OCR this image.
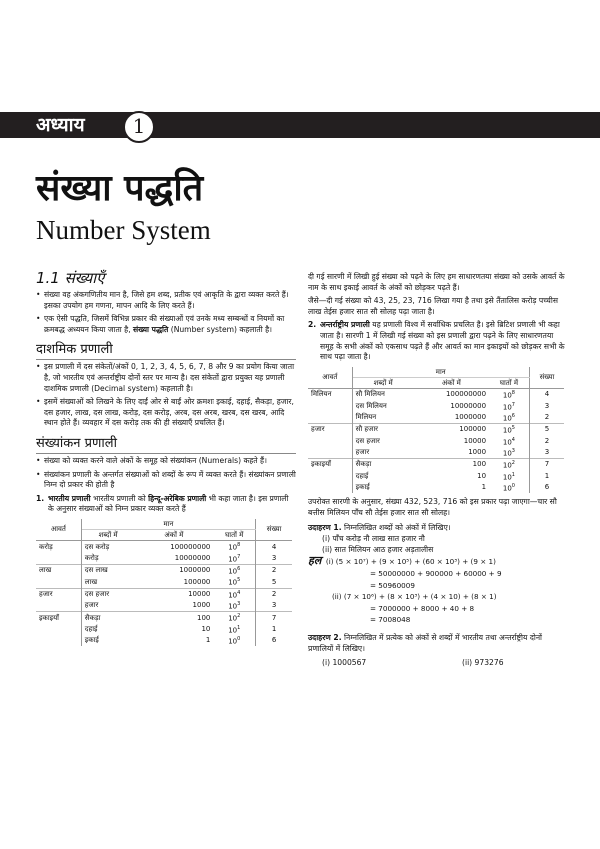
अध्याय	1
संख्या पद्धति
Number System
1.1 संख्याएँ
• संख्या वह अंकगणितीय मान है, जिसे हम शब्द, प्रतीक एवं आकृति के द्वारा व्यक्त करते हैं। इसका उपयोग हम गणना, मापन आदि के लिए करते हैं।
• एक ऐसी पद्धति, जिसमें विभिन्न प्रकार की संख्याओं एवं उनके मध्य सम्बन्धों व नियमों का क्रमबद्ध अध्ययन किया जाता है, संख्या पद्धति (Number system) कहलाती है।
दाशमिक प्रणाली
• इस प्रणाली में दस संकेतों/अंकों 0, 1, 2, 3, 4, 5, 6, 7, 8 और 9 का प्रयोग किया जाता है, जो भारतीय एवं अन्तर्राष्ट्रीय दोनों स्तर पर मान्य है। दस संकेतों द्वारा प्रयुक्त यह प्रणाली दाशमिक प्रणाली (Decimal system) कहलाती है।
• इसमें संख्याओं को लिखने के लिए दाईं ओर से बाईं ओर क्रमशः इकाई, दहाई, सैकड़ा, हजार, दस हजार, लाख, दस लाख, करोड़, दस करोड़, अरब, दस अरब, खरब, दस खरब, आदि स्थान होते हैं। व्यवहार में दस करोड़ तक की ही संख्याएँ प्रचलित हैं।
संख्यांकन प्रणाली
• संख्या को व्यक्त करने वाले अंकों के समूह को संख्यांकन (Numerals) कहते हैं।
• संख्यांकन प्रणाली के अन्तर्गत संख्याओं को शब्दों के रूप में व्यक्त करते हैं। संख्यांकन प्रणाली निम्न दो प्रकार की होती है

1. भारतीय प्रणाली भारतीय प्रणाली को हिन्दू-अरेबिक प्रणाली भी कहा जाता है। इस प्रणाली के अनुसार संख्याओं को निम्न प्रकार व्यक्त करते हैं

आवर्त	मान			संख्या
	शब्दों में	अंकों में	घातों में	
करोड़	दस करोड़	100000000	$10^8$	4
	करोड़	10000000	$10^7$	3
लाख	दस लाख	1000000	$10^6$	2
	लाख	100000	$10^5$	5
हजार	दस हजार	10000	$10^4$	2
	हजार	1000	$10^3$	3
इकाइयाँ	सैकड़ा	100	$10^2$	7
	दहाई	10	$10^1$	1
	इकाई	1	$10^0$	6

दी गई सारणी में लिखी हुई संख्या को पढ़ने के लिए हम साधारणतया संख्या को उसके आवर्त के नाम के साथ इकाई आवर्त के अंकों को छोड़कर पढ़ते हैं।

जैसे—दी गई संख्या को 43, 25, 23, 716 लिखा गया है तथा इसे तैंतालिस करोड़ पच्चीस लाख तेईस हजार सात सौ सोलह पढ़ा जाता है।

2. अन्तर्राष्ट्रीय प्रणाली यह प्रणाली विश्व में सर्वाधिक प्रचलित है। इसे ब्रिटिश प्रणाली भी कहा जाता है। सारणी 1 में लिखी गई संख्या को इस प्रणाली द्वारा पढ़ने के लिए साधारणतया समूह के सभी अंकों को एकसाथ पढ़ते हैं और आवर्त का मान इकाइयों को छोड़कर सभी के साथ पढ़ा जाता है।

आवर्त	मान			संख्या
	शब्दों में	अंकों में	घातों में	
मिलियन	सौ मिलियन	100000000	$10^8$	4
	दस मिलियन	10000000	$10^7$	3
	मिलियन	1000000	$10^6$	2
हजार	सौ हजार	100000	$10^5$	5
	दस हजार	10000	$10^4$	2
	हजार	1000	$10^3$	3
इकाइयाँ	सैकड़ा	100	$10^2$	7
	दहाई	10	$10^1$	1
	इकाई	1	$10^0$	6

उपरोक्त सारणी के अनुसार, संख्या 432, 523, 716 को इस प्रकार पढ़ा जाएगा—चार सौ बत्तीस मिलियन पाँच सौ तेईस हजार सात सौ सोलह।

उदाहरण 1. निम्नलिखित शब्दों को अंकों में लिखिए।
(i) पाँच करोड़ नौ लाख सात हजार नौ
(ii) सात मिलियन आठ हजार अड़तालीस
हल (i) (5 × 10⁷) + (9 × 10⁵) + (60 × 10³) + (9 × 1)
= 50000000 + 900000 + 60000 + 9
= 50960009
(ii) (7 × 10⁶) + (8 × 10³) + (4 × 10) + (8 × 1)
= 7000000 + 8000 + 40 + 8
= 7008048
उदाहरण 2. निम्नलिखित में प्रत्येक को अंकों से शब्दों में भारतीय तथा अन्तर्राष्ट्रीय दोनों प्रणालियों में लिखिए।
(i) 1000567	(ii) 973276
